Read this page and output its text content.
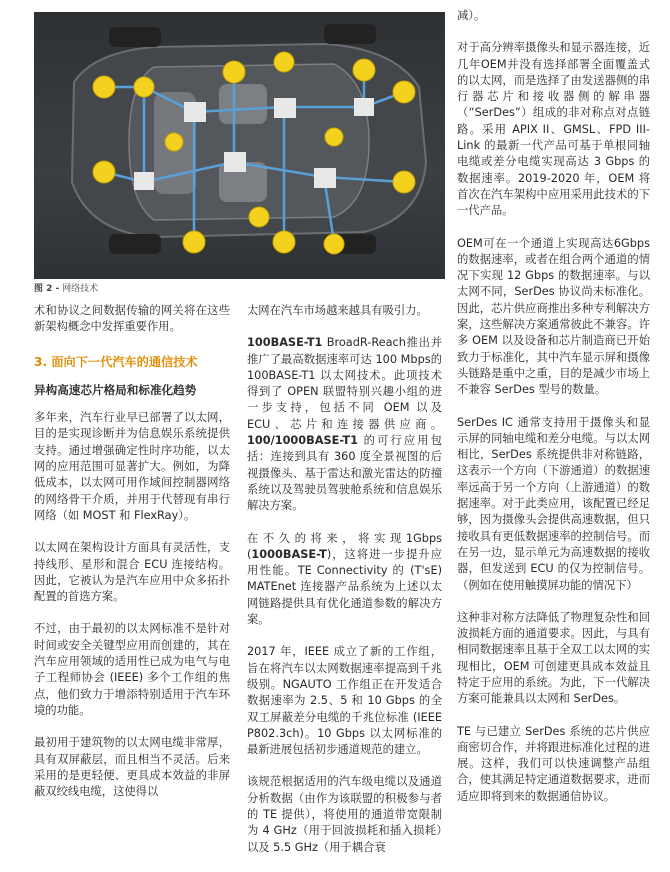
图 2 - 网络技术

术和协议之间数据传输的网关将在这些新架构概念中发挥重要作用。

3. 面向下一代汽车的通信技术
异构高速芯片格局和标准化趋势

多年来，汽车行业早已部署了以太网，目的是实现诊断并为信息娱乐系统提供支持。通过增强确定性时序功能，以太网的应用范围可显著扩大。例如，为降低成本，以太网可用作域间控制器网络的网络骨干介质，并用于代替现有串行网络（如 MOST 和 FlexRay）。

以太网在架构设计方面具有灵活性，支持线形、星形和混合 ECU 连接结构。因此，它被认为是汽车应用中众多拓扑配置的首选方案。

不过，由于最初的以太网标准不是针对时间或安全关键型应用而创建的，其在汽车应用领域的适用性已成为电气与电子工程师协会 (IEEE) 多个工作组的焦点，他们致力于增添特别适用于汽车环境的功能。

最初用于建筑物的以太网电缆非常厚，具有双屏蔽层，而且相当不灵活。后来采用的是更轻便、更具成本效益的非屏蔽双绞线电缆，这使得以

太网在汽车市场越来越具有吸引力。

100BASE-T1 BroadR-Reach推出并推广了最高数据速率可达 100 Mbps的 100BASE-T1 以太网技术。此项技术得到了 OPEN 联盟特别兴趣小组的进一步支持，包括不同 OEM 以及 ECU、芯片和连接器供应商。100/1000BASE-T1 的可行应用包括：连接到具有 360 度全景视图的后视摄像头、基于雷达和激光雷达的防撞系统以及驾驶员驾驶舱系统和信息娱乐解决方案。

在不久的将来，将实现1Gbps (1000BASE-T)，这将进一步提升应用性能。TE Connectivity 的 (T'sE) MATEnet 连接器产品系统为上述以太网链路提供具有优化通道参数的解决方案。

2017 年，IEEE 成立了新的工作组，旨在将汽车以太网数据速率提高到千兆级别。NGAUTO 工作组正在开发适合数据速率为 2.5、5 和 10 Gbps 的全双工屏蔽差分电缆的千兆位标准 (IEEE P802.3ch)。10 Gbps 以太网标准的最新进展包括初步通道规范的建立。

该规范根据适用的汽车级电缆以及通道分析数据（由作为该联盟的积极参与者的 TE 提供），将使用的通道带宽限制为 4 GHz（用于回波损耗和插入损耗）以及 5.5 GHz（用于耦合衰

减）。

对于高分辨率摄像头和显示器连接，近几年OEM并没有选择部署全面覆盖式的以太网，而是选择了由发送器侧的串行器芯片和接收器侧的解串器（“SerDes”）组成的非对称点对点链路。采用 APIX II、GMSL、FPD III-Link 的最新一代产品可基于单根同轴电缆或差分电缆实现高达 3 Gbps 的数据速率。2019-2020 年，OEM 将首次在汽车架构中应用采用此技术的下一代产品。

OEM可在一个通道上实现高达6Gbps的数据速率，或者在组合两个通道的情况下实现 12 Gbps 的数据速率。与以太网不同，SerDes 协议尚未标准化。因此，芯片供应商推出多种专利解决方案，这些解决方案通常彼此不兼容。许多 OEM 以及设备和芯片制造商已开始致力于标准化，其中汽车显示屏和摄像头链路是重中之重，目的是减少市场上不兼容 SerDes 型号的数量。

SerDes IC 通常支持用于摄像头和显示屏的同轴电缆和差分电缆。与以太网相比，SerDes 系统提供非对称链路，这表示一个方向（下游通道）的数据速率远高于另一个方向（上游通道）的数据速率。对于此类应用，该配置已经足够，因为摄像头会提供高速数据，但只接收具有更低数据速率的控制信号。而在另一边，显示单元为高速数据的接收器，但发送到 ECU 的仅为控制信号。（例如在使用触摸屏功能的情况下）

这种非对称方法降低了物理复杂性和回波损耗方面的通道要求。因此，与具有相同数据速率且基于全双工以太网的实现相比，OEM 可创建更具成本效益且特定于应用的系统。为此，下一代解决方案可能兼具以太网和 SerDes。

TE 与已建立 SerDes 系统的芯片供应商密切合作，并将跟进标准化过程的进展。这样，我们可以快速调整产品组合，使其满足特定通道数据要求，进而适应即将到来的数据通信协议。
